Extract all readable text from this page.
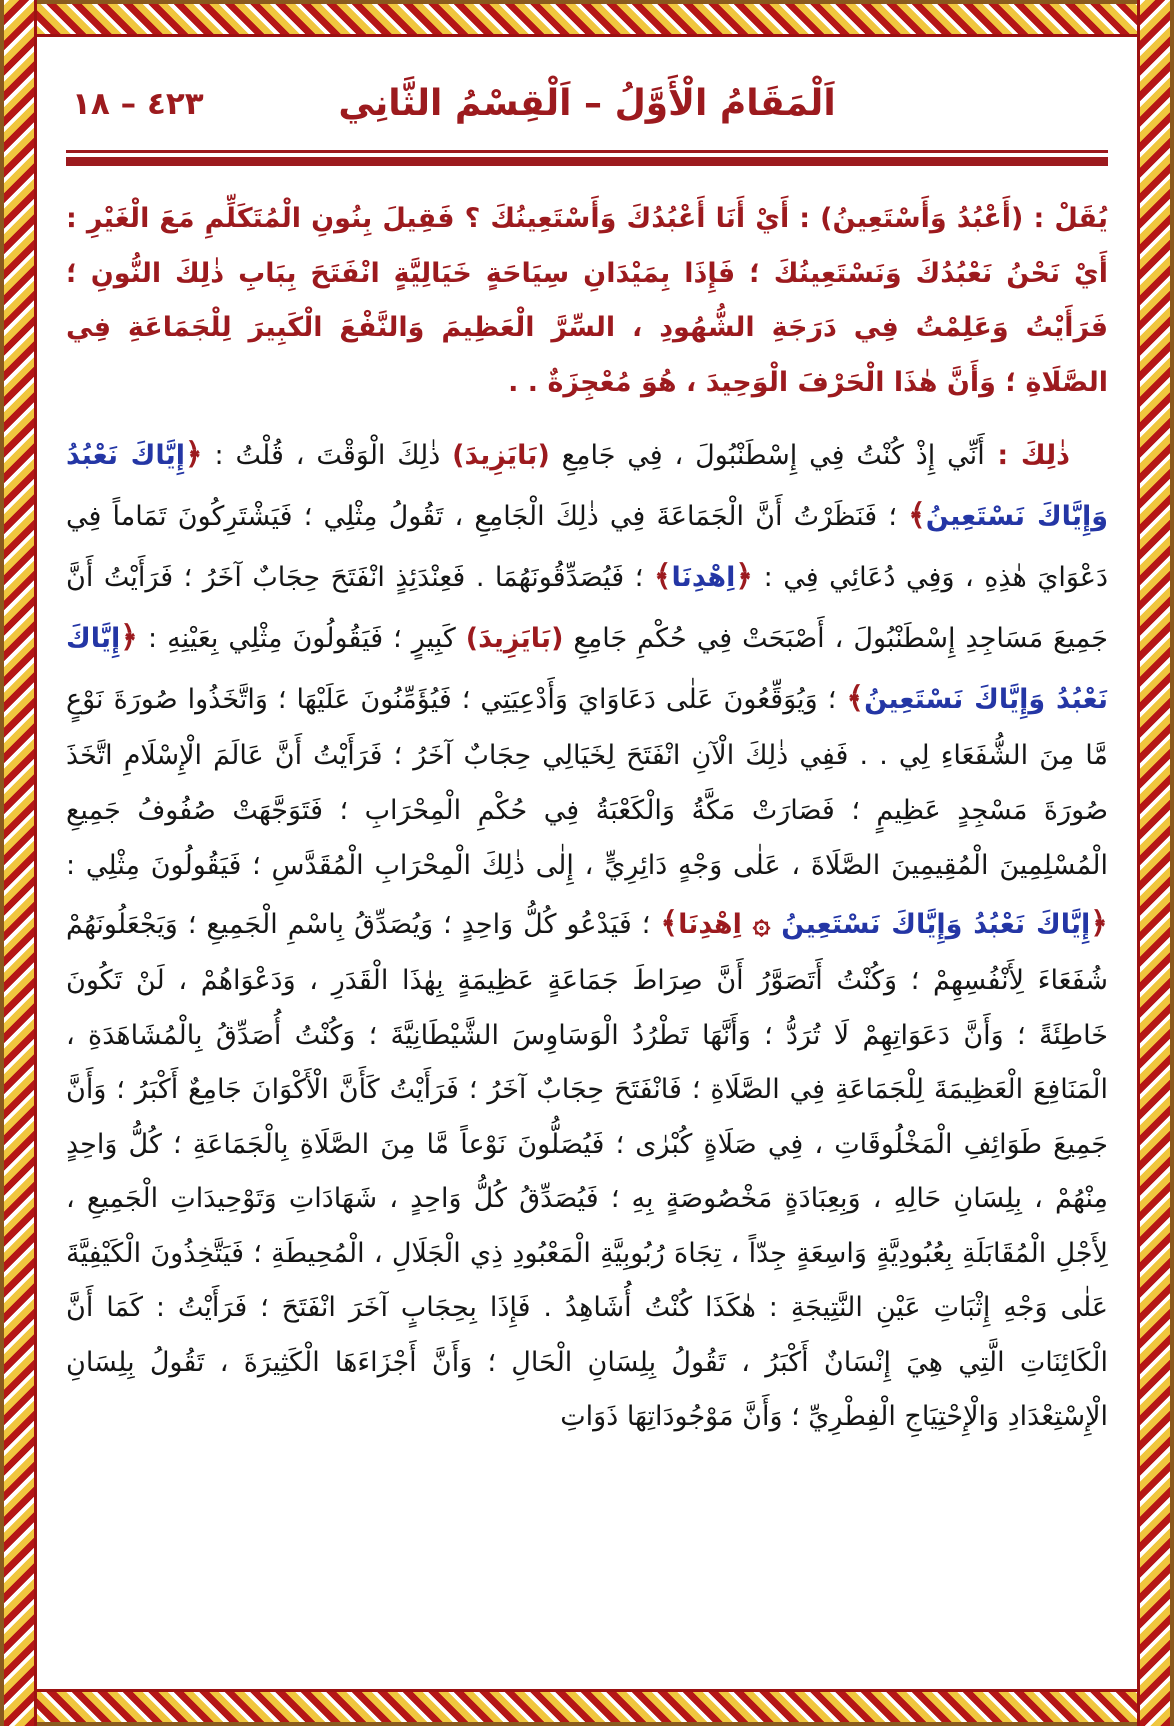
٤٢٣ – ١٨	اَلْمَقَامُ الْأَوَّلُ – اَلْقِسْمُ الثَّانِي

يُقَلْ : (أَعْبُدُ وَأَسْتَعِينُ) : أَيْ أَنَا أَعْبُدُكَ وَأَسْتَعِينُكَ ؟ فَقِيلَ بِنُونِ الْمُتَكَلِّمِ مَعَ الْغَيْرِ : أَيْ نَحْنُ نَعْبُدُكَ وَنَسْتَعِينُكَ ؛ فَإِذَا بِمَيْدَانِ سِيَاحَةٍ خَيَالِيَّةٍ انْفَتَحَ بِبَابِ ذٰلِكَ النُّونِ ؛ فَرَأَيْتُ وَعَلِمْتُ فِي دَرَجَةِ الشُّهُودِ ، السِّرَّ الْعَظِيمَ وَالنَّفْعَ الْكَبِيرَ لِلْجَمَاعَةِ فِي الصَّلَاةِ ؛ وَأَنَّ هٰذَا الْحَرْفَ الْوَحِيدَ ، هُوَ مُعْجِزَةٌ . .

ذٰلِكَ : أَنِّي إِذْ كُنْتُ فِي إِسْطَنْبُولَ ، فِي جَامِعِ (بَايَزِيدَ) ذٰلِكَ الْوَقْتَ ، قُلْتُ : ﴿إِيَّاكَ نَعْبُدُ وَإِيَّاكَ نَسْتَعِينُ﴾ ؛ فَنَظَرْتُ أَنَّ الْجَمَاعَةَ فِي ذٰلِكَ الْجَامِعِ ، تَقُولُ مِثْلِي ؛ فَيَشْتَرِكُونَ تَمَاماً فِي دَعْوَايَ هٰذِهِ ، وَفِي دُعَائِي فِي : ﴿اِهْدِنَا﴾ ؛ فَيُصَدِّقُونَهُمَا . فَعِنْدَئِذٍ انْفَتَحَ حِجَابٌ آخَرُ ؛ فَرَأَيْتُ أَنَّ جَمِيعَ مَسَاجِدِ إِسْطَنْبُولَ ، أَصْبَحَتْ فِي حُكْمِ جَامِعِ (بَايَزِيدَ) كَبِيرٍ ؛ فَيَقُولُونَ مِثْلِي بِعَيْنِهِ : ﴿إِيَّاكَ نَعْبُدُ وَإِيَّاكَ نَسْتَعِينُ﴾ ؛ وَيُوَقِّعُونَ عَلٰى دَعَاوَايَ وَأَدْعِيَتِي ؛ فَيُؤَمِّنُونَ عَلَيْهَا ؛ وَاتَّخَذُوا صُورَةَ نَوْعٍ مَّا مِنَ الشُّفَعَاءِ لِي . . فَفِي ذٰلِكَ الْآنِ انْفَتَحَ لِخَيَالِي حِجَابٌ آخَرُ ؛ فَرَأَيْتُ أَنَّ عَالَمَ الْإِسْلَامِ اتَّخَذَ صُورَةَ مَسْجِدٍ عَظِيمٍ ؛ فَصَارَتْ مَكَّةُ وَالْكَعْبَةُ فِي حُكْمِ الْمِحْرَابِ ؛ فَتَوَجَّهَتْ صُفُوفُ جَمِيعِ الْمُسْلِمِينَ الْمُقِيمِينَ الصَّلَاةَ ، عَلٰى وَجْهٍ دَائِرِيٍّ ، إِلٰى ذٰلِكَ الْمِحْرَابِ الْمُقَدَّسِ ؛ فَيَقُولُونَ مِثْلِي : ﴿إِيَّاكَ نَعْبُدُ وَإِيَّاكَ نَسْتَعِينُ ۞ اِهْدِنَا﴾ ؛ فَيَدْعُو كُلُّ وَاحِدٍ ؛ وَيُصَدِّقُ بِاسْمِ الْجَمِيعِ ؛ وَيَجْعَلُونَهُمْ شُفَعَاءَ لِأَنْفُسِهِمْ ؛ وَكُنْتُ أَتَصَوَّرُ أَنَّ صِرَاطَ جَمَاعَةٍ عَظِيمَةٍ بِهٰذَا الْقَدَرِ ، وَدَعْوَاهُمْ ، لَنْ تَكُونَ خَاطِئَةً ؛ وَأَنَّ دَعَوَاتِهِمْ لَا تُرَدُّ ؛ وَأَنَّهَا تَطْرُدُ الْوَسَاوِسَ الشَّيْطَانِيَّةَ ؛ وَكُنْتُ أُصَدِّقُ بِالْمُشَاهَدَةِ ، الْمَنَافِعَ الْعَظِيمَةَ لِلْجَمَاعَةِ فِي الصَّلَاةِ ؛ فَانْفَتَحَ حِجَابٌ آخَرُ ؛ فَرَأَيْتُ كَأَنَّ الْأَكْوَانَ جَامِعٌ أَكْبَرُ ؛ وَأَنَّ جَمِيعَ طَوَائِفِ الْمَخْلُوقَاتِ ، فِي صَلَاةٍ كُبْرٰى ؛ فَيُصَلُّونَ نَوْعاً مَّا مِنَ الصَّلَاةِ بِالْجَمَاعَةِ ؛ كُلُّ وَاحِدٍ مِنْهُمْ ، بِلِسَانِ حَالِهِ ، وَبِعِبَادَةٍ مَخْصُوصَةٍ بِهِ ؛ فَيُصَدِّقُ كُلُّ وَاحِدٍ ، شَهَادَاتِ وَتَوْحِيدَاتِ الْجَمِيعِ ، لِأَجْلِ الْمُقَابَلَةِ بِعُبُودِيَّةٍ وَاسِعَةٍ جِدّاً ، تِجَاهَ رُبُوبِيَّةِ الْمَعْبُودِ ذِي الْجَلَالِ ، الْمُحِيطَةِ ؛ فَيَتَّخِذُونَ الْكَيْفِيَّةَ عَلٰى وَجْهِ إِثْبَاتِ عَيْنِ النَّتِيجَةِ : هٰكَذَا كُنْتُ أُشَاهِدُ . فَإِذَا بِحِجَابٍ آخَرَ انْفَتَحَ ؛ فَرَأَيْتُ : كَمَا أَنَّ الْكَائِنَاتِ الَّتِي هِيَ إِنْسَانٌ أَكْبَرُ ، تَقُولُ بِلِسَانِ الْحَالِ ؛ وَأَنَّ أَجْزَاءَهَا الْكَثِيرَةَ ، تَقُولُ بِلِسَانِ الْإِسْتِعْدَادِ وَالْإِحْتِيَاجِ الْفِطْرِيِّ ؛ وَأَنَّ مَوْجُودَاتِهَا ذَوَاتِ
